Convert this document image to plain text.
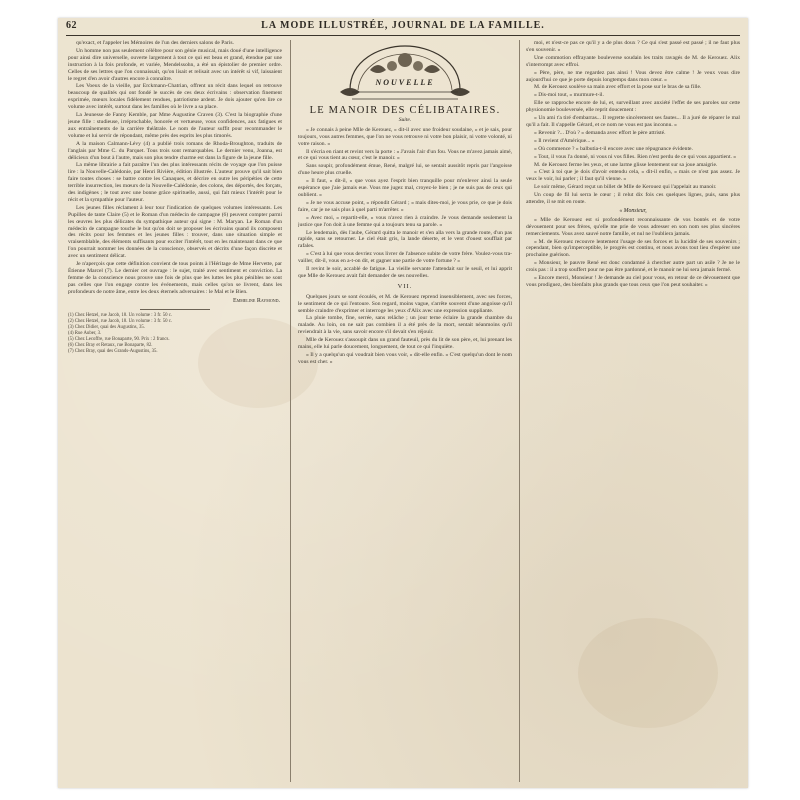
62	LA MODE ILLUSTRÉE, JOURNAL DE LA FAMILLE.

qu'exact, et l'appeler les Mémoires de l'un des derniers salons de Paris.

Un homme non pas seulement célèbre pour son génie musical, mais doué d'une intelligence pour ainsi dire universelle, ouverte largement à tout ce qui est beau et grand, étendue par une instruction à la fois profonde, et variée, Mendelssohn, a été un épistolier de premier ordre. Celles de ses lettres que l'on connaissait, qu'on lisait et relisait avec un intérêt si vif, laissaient le regret d'en avoir d'autres encore à connaître.

Les Voeux de la vieille, par Erckmann-Chatrian, offrent un récit dans lequel on retrouve beaucoup de qualités qui ont fondé le succès de ces deux écrivains : observation finement exprimée, mœurs locales fidèlement rendues, patriotisme ardent. Je dois ajouter qu'en lire ce volume avec intérêt, surtout dans les familles où le livre a sa place.

La Jeunesse de Fanny Kemble, par Mme Augustine Craven (3). C'est la biographie d'une jeune fille : studieuse, irréprochable, honorée et vertueuse, vous confidences, aux fatigues et aux entraînements de la carrière théâtrale. Le nom de l'auteur suffit pour recommander le volume et lui servir de répondant, même près des esprits les plus timorés.

A la maison Calmann-Lévy (4) a publié trois romans de Rhoda-Broughton, traduits de l'anglais par Mme C. du Parquet. Tous trois sont remarquables. Le dernier venu, Joanna, est délicieux d'un bout à l'autre, mais son plus tendre charme est dans la figure de la jeune fille.

La même librairie a fait paraître l'un des plus intéressants récits de voyage que l'on puisse lire : la Nouvelle-Calédonie, par Henri Rivière, édition illustrée. L'auteur prouve qu'il sait bien faire toutes choses : se battre contre les Canaques, et décrire en outre les péripéties de cette terrible insurrection, les mœurs de la Nouvelle-Calédonie, des colons, des déportés, des forçats, des indigènes ; le tout avec une bonne grâce spirituelle, aussi, qui fait mieux l'intérêt pour le récit et la sympathie pour l'auteur.

Les jeunes filles réclament à leur tour l'indication de quelques volumes intéressants. Les Pupilles de tante Claire (5) et le Roman d'un médecin de campagne (6) peuvent compter parmi les œuvres les plus délicates du sympathique auteur qui signe : M. Maryan. Le Roman d'un médecin de campagne touche le but qu'on doit se proposer les écrivains quand ils composent des récits pour les femmes et les jeunes filles : trouver, dans une situation simple et vraisemblable, des éléments suffisants pour exciter l'intérêt, tout en les maintenant dans ce que l'on pourrait nommer les données de la conscience, observés et décrits d'une façon discrète et avec un sentiment délicat.

Je n'aperçois que cette définition convient de tous points à l'Héritage de Mme Hervette, par Étienne Marcel (7). Le dernier cet ouvrage : le sujet, traité avec sentiment et conviction. La femme de la conscience nous prouve une fois de plus que les luttes les plus pénibles ne sont pas celles que l'on engage contre les événements, mais celles qu'on se livrent, dans les profondeurs de notre âme, entre les deux éternels adversaires : le Mal et le Bien.

Emmeline Raymond.

(1) Chez Hetzel, rue Jacob, 18. Un volume : 3 fr. 50 c.

(2) Chez Hetzel, rue Jacob, 18. Un volume : 3 fr. 50 c.

(3) Chez Didier, quai des Augustins, 35.

(4) Rue Auber, 3.

(5) Chez Lecoffre, rue Bonaparte, 90. Prix : 2 francs.

(6) Chez Bray et Retaux, rue Bonaparte, 82.

(7) Chez Bray, quai des Grands-Augustins, 35.

NOUVELLE
LE MANOIR DES CÉLIBATAIRES.
Suite.

« Je connais à peine Mlle de Kerouez, » dit-il avec une froideur soudaine, « et je sais, pour toujours, vous autres femmes, que l'on ne vous retrouve ni votre bon plaisir, ni votre volonté, ni votre raison. »

Il s'écria en riant et revint vers la porte : « J'avais l'air d'un fou. Vous ne m'avez jamais aimé, et ce qui vous tient au cœur, c'est le manoir. »

Sans soupir, profondément émue, René, malgré lui, se sentait aussitôt repris par l'angoisse d'une heure plus cruelle.

« Il faut, » dit-il, « que vous ayez l'esprit bien tranquille pour m'enlever ainsi la seule espérance que j'aie jamais eue. Vous me jugez mal, croyez-le bien ; je ne suis pas de ceux qui oublient. »

« Je ne vous accuse point, » répondit Gérard ; « mais dites-moi, je vous prie, ce que je dois faire, car je ne sais plus à quel parti m'arrêter. »

« Avec moi, » repartit-elle, « vous n'avez rien à craindre. Je vous demande seulement la justice que l'on doit à une femme qui a toujours tenu sa parole. »

Le lendemain, dès l'aube, Gérard quitta le manoir et s'en alla vers la grande route, d'un pas rapide, sans se retourner. Le ciel était gris, la lande déserte, et le vent d'ouest soufflait par rafales.

« C'est à lui que vous devriez vous livrer de l'absence subite de votre frère. Voulez-vous tra-vailler, dit-il, vous en a-t-on dit, et gagner une partie de votre fortune ? »

Il revint le soir, accablé de fatigue. La vieille servante l'attendait sur le seuil, et lui apprit que Mlle de Kerouez avait fait demander de ses nouvelles.

VII.

Quelques jours se sont écoulés, et M. de Kerouez reprend insensiblement, avec ses forces, le sentiment de ce qui l'entoure. Son regard, moins vague, s'arrête souvent d'une angoisse qu'il semble craindre d'exprimer et interroge les yeux d'Alix avec une expression suppliante.

La pluie tombe, fine, serrée, sans relâche ; un jour terne éclaire la grande chambre du malade. Au loin, on ne sait pas combien il a été près de la mort, sentait néanmoins qu'il reviendrait à la vie, sans savoir encore s'il devait s'en réjouir.

Mlle de Kerouez s'assoupit dans un grand fauteuil, près du lit de son père, et, lui prenant les mains, elle lui parle doucement, longuement, de tout ce qui l'inquiète.

« Il y a quelqu'un qui voudrait bien vous voir, » dit-elle enfin. « C'est quelqu'un dont le nom vous est cher. »

moi, et n'est-ce pas ce qu'il y a de plus doux ? Ce qui s'est passé est passé ; il ne faut plus s'en souvenir. »

Une commotion effrayante bouleverse soudain les traits ravagés de M. de Kerouez. Alix s'interrompt avec effroi.

« Père, père, ne me regardez pas ainsi ! Vous devez être calme ! Je veux vous dire aujourd'hui ce que je porte depuis longtemps dans mon cœur. »

M. de Kerouez soulève sa main avec effort et la pose sur le bras de sa fille.

« Dis-moi tout, » murmure-t-il.

Elle se rapproche encore de lui, et, surveillant avec anxiété l'effet de ses paroles sur cette physionomie bouleversée, elle reprit doucement :

« Un ami t'a tiré d'embarras... Il regrette sincèrement ses fautes... Il a juré de réparer le mal qu'il a fait. Il s'appelle Gérard, et ce nom ne vous est pas inconnu. »

« Revenir ?... D'où ? » demanda avec effort le père attristé.

« Il revient d'Amérique... »

« Où commence ? » balbutia-t-il encore avec une répugnance évidente.

« Tout, il vous l'a donné, ni vous ni vos filles. Rien n'est perdu de ce qui vous appartient. »

M. de Kerouez ferme les yeux, et une larme glisse lentement sur sa joue amaigrie.

« C'est à toi que je dois d'avoir entendu cela, » dit-il enfin, « mais ce n'est pas assez. Je veux le voir, lui parler ; il faut qu'il vienne. »

Le soir même, Gérard reçut un billet de Mlle de Kerouez qui l'appelait au manoir.

Un coup de fil lui serra le cœur ; il relut dix fois ces quelques lignes, puis, sans plus attendre, il se mit en route.

« Monsieur,

« Mlle de Kerouez est si profondément reconnaissante de vos bontés et de votre dévouement pour ses frères, qu'elle me prie de vous adresser en son nom ses plus sincères remerciements. Vous avez sauvé notre famille, et nul ne l'oubliera jamais.

« M. de Kerouez recouvre lentement l'usage de ses forces et la lucidité de ses souvenirs ; cependant, bien qu'imperceptible, le progrès est continu, et nous avons tout lieu d'espérer une prochaine guérison.

« Monsieur, le pauvre René est donc condamné à chercher autre part un asile ? Je ne le crois pas : il a trop souffert pour ne pas être pardonné, et le manoir ne lui sera jamais fermé.

« Encore merci, Monsieur ! Je demande au ciel pour vous, en retour de ce dévouement que vous prodiguez, des bienfaits plus grands que tous ceux que l'on peut souhaiter. »
